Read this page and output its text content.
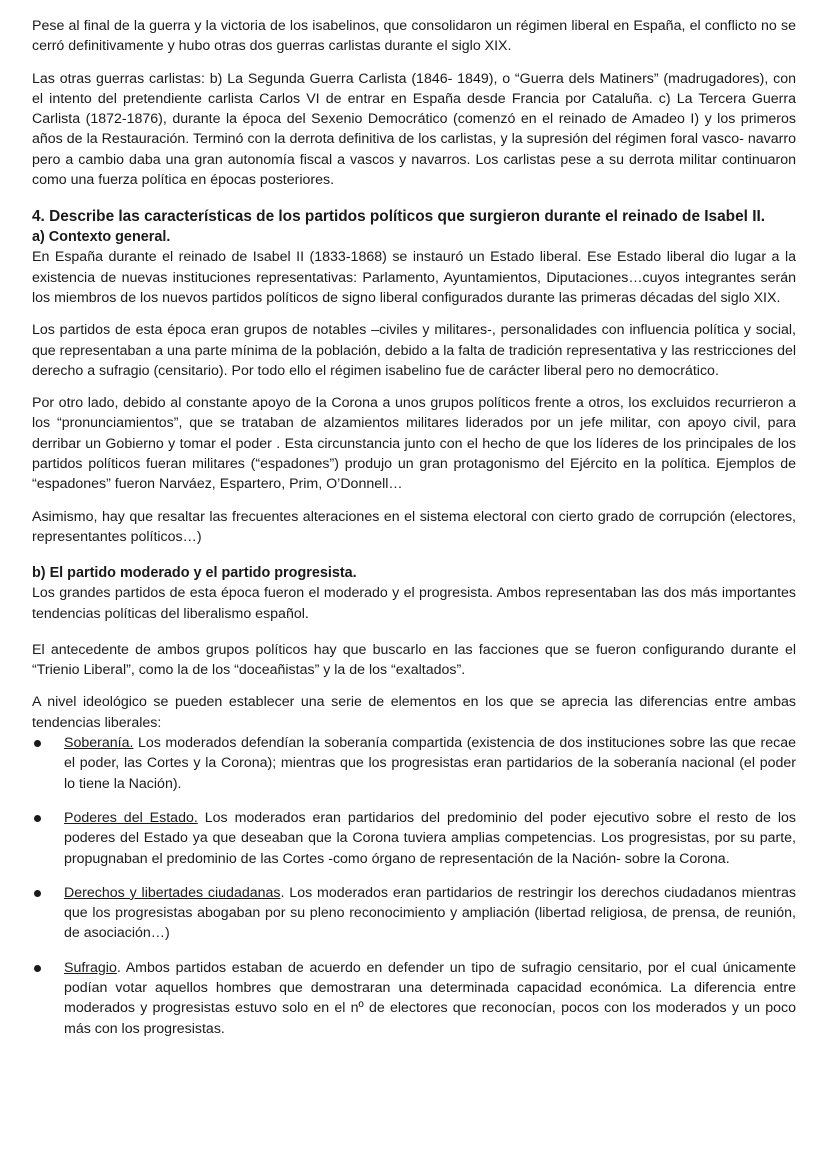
Pese al final de la guerra y la victoria de los isabelinos, que consolidaron un régimen liberal en España, el conflicto no se cerró definitivamente y hubo otras dos guerras carlistas durante el siglo XIX.

Las otras guerras carlistas: b) La Segunda Guerra Carlista (1846- 1849), o “Guerra dels Matiners” (madrugadores), con el intento del pretendiente carlista Carlos VI de entrar en España desde Francia por Cataluña. c) La Tercera Guerra Carlista (1872-1876), durante la época del Sexenio Democrático (comenzó en el reinado de Amadeo I) y los primeros años de la Restauración. Terminó con la derrota definitiva de los carlistas, y la supresión del régimen foral vasco- navarro pero a cambio daba una gran autonomía fiscal a vascos y navarros. Los carlistas pese a su derrota militar continuaron como una fuerza política en épocas posteriores.

4. Describe las características de los partidos políticos que surgieron durante el reinado de Isabel II.
a) Contexto general.

En España durante el reinado de Isabel II (1833-1868) se instauró un Estado liberal. Ese Estado liberal dio lugar a la existencia de nuevas instituciones representativas: Parlamento, Ayuntamientos, Diputaciones…cuyos integrantes serán los miembros de los nuevos partidos políticos de signo liberal configurados durante las primeras décadas del siglo XIX.

Los partidos de esta época eran grupos de notables –civiles y militares-, personalidades con influencia política y social, que representaban a una parte mínima de la población, debido a la falta de tradición representativa y las restricciones del derecho a sufragio (censitario). Por todo ello el régimen isabelino fue de carácter liberal pero no democrático.

Por otro lado, debido al constante apoyo de la Corona a unos grupos políticos frente a otros, los excluidos recurrieron a los “pronunciamientos”, que se trataban de alzamientos militares liderados por un jefe militar, con apoyo civil, para derribar un Gobierno y tomar el poder . Esta circunstancia junto con el hecho de que los líderes de los principales de los partidos políticos fueran militares (“espadones”) produjo un gran protagonismo del Ejército en la política. Ejemplos de “espadones” fueron Narváez, Espartero, Prim, O’Donnell…

Asimismo, hay que resaltar las frecuentes alteraciones en el sistema electoral con cierto grado de corrupción (electores, representantes políticos…)

b) El partido moderado y el partido progresista.

Los grandes partidos de esta época fueron el moderado y el progresista. Ambos representaban las dos más importantes tendencias políticas del liberalismo español.

El antecedente de ambos grupos políticos hay que buscarlo en las facciones que se fueron configurando durante el “Trienio Liberal”, como la de los “doceañistas” y la de los “exaltados”.

A nivel ideológico se pueden establecer una serie de elementos en los que se aprecia las diferencias entre ambas tendencias liberales:

Soberanía. Los moderados defendían la soberanía compartida (existencia de dos instituciones sobre las que recae el poder, las Cortes y la Corona); mientras que los progresistas eran partidarios de la soberanía nacional (el poder lo tiene la Nación).

Poderes del Estado. Los moderados eran partidarios del predominio del poder ejecutivo sobre el resto de los poderes del Estado ya que deseaban que la Corona tuviera amplias competencias. Los progresistas, por su parte, propugnaban el predominio de las Cortes -como órgano de representación de la Nación- sobre la Corona.

Derechos y libertades ciudadanas. Los moderados eran partidarios de restringir los derechos ciudadanos mientras que los progresistas abogaban por su pleno reconocimiento y ampliación (libertad religiosa, de prensa, de reunión, de asociación…)

Sufragio. Ambos partidos estaban de acuerdo en defender un tipo de sufragio censitario, por el cual únicamente podían votar aquellos hombres que demostraran una determinada capacidad económica. La diferencia entre moderados y progresistas estuvo solo en el nº de electores que reconocían, pocos con los moderados y un poco más con los progresistas.
